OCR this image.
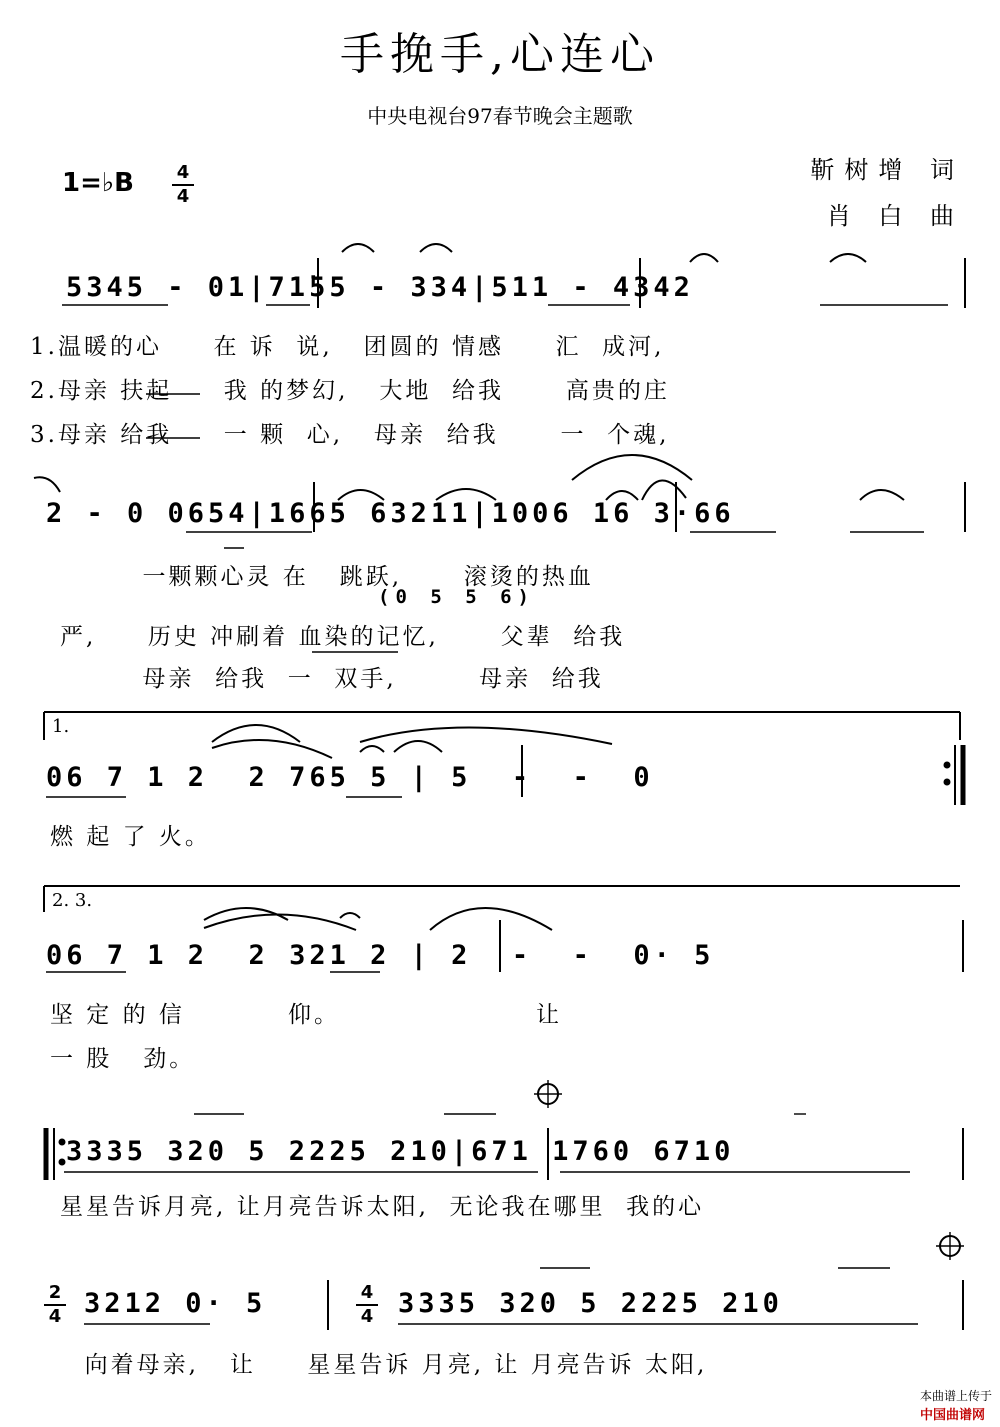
手挽手,心连心
中央电视台97春节晚会主题歌
1=♭B 4
4
靳树增 词
肖 白 曲
5345 - 01|71̇55 - 334|511 - 4342
1.温暖的心     在 诉  说,   团圆的 情感     汇  成河,
2.母亲 扶起     我 的梦幻,   大地  给我      高贵的庄
3.母亲 给我     一 颗  心,   母亲  给我      一  个魂,
2 - 0 0654|1665 63211|1006 16 3·66
一颗颗心灵 在   跳跃,      滚烫的热血
(0 5 5 6)
严,     历史 冲刷着 血染的记忆,      父辈  给我
母亲  给我  一  双手,        母亲  给我
1.
06 7 1 2  2 765 5 | 5  -  -  0
燃 起 了 火。
2. 3.
06 7 1 2  2 321 2 | 2  -  -  0· 5
坚 定 的 信          仰。                   让
一 股   劲。
3335 320 5 2225 210|671 1760 6710
星星告诉月亮, 让月亮告诉太阳,  无论我在哪里  我的心
2
4 3212 0· 5	4
4 3335 320 5 2225 210
向着母亲,   让     星星告诉 月亮, 让 月亮告诉 太阳,

本曲谱上传于
中国曲谱网
